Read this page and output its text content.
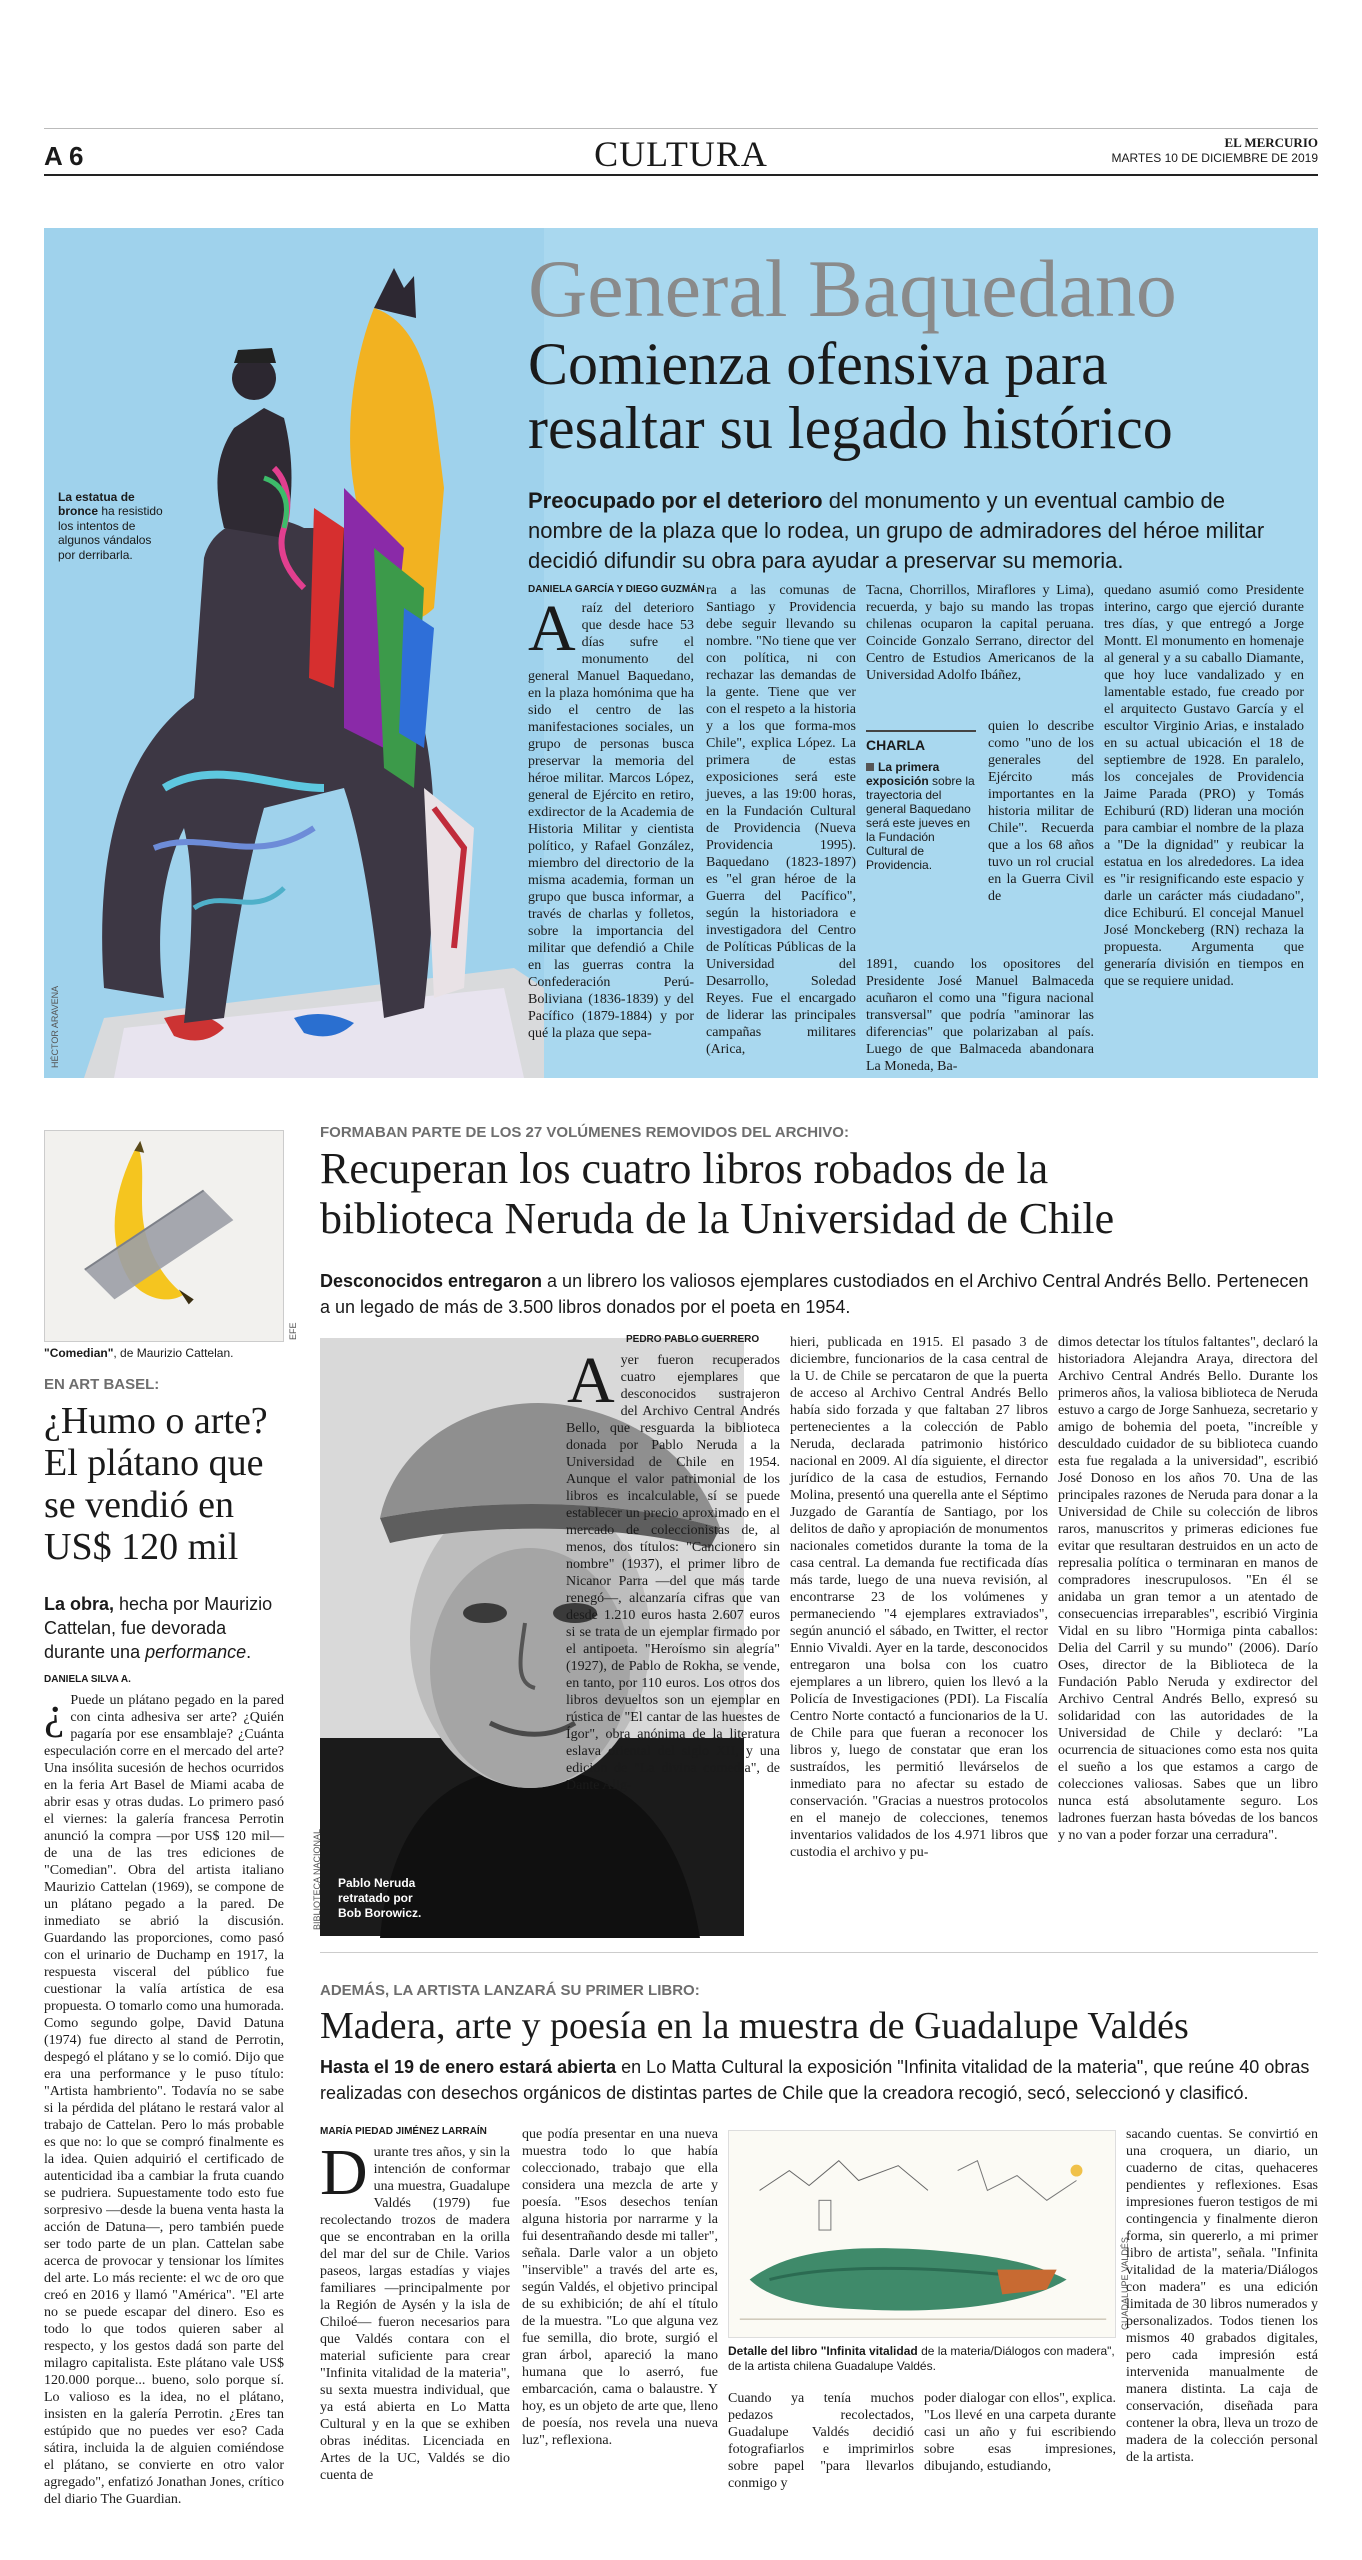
A 6	CULTURA	EL MERCURIO
MARTES 10 DE DICIEMBRE DE 2019
La estatua de bronce ha resistido los intentos de algunos vándalos por derribarla.
HÉCTOR ARAVENA
General Baquedano
Comienza ofensiva para
resaltar su legado histórico
Preocupado por el deterioro del monumento y un eventual cambio de nombre de la plaza que lo rodea, un grupo de admiradores del héroe militar decidió difundir su obra para ayudar a preservar su memoria.
DANIELA GARCÍA Y DIEGO GUZMÁN
Araíz del deterioro que desde hace 53 días sufre el monumento del general Manuel Baquedano, en la plaza homónima que ha sido el centro de las manifestaciones sociales, un grupo de personas busca preservar la memoria del héroe militar. Marcos López, general de Ejército en retiro, exdirector de la Academia de Historia Militar y cientista político, y Rafael González, miembro del directorio de la misma academia, forman un grupo que busca informar, a través de charlas y folletos, sobre la importancia del militar que defendió a Chile en las guerras contra la Confederación Perú-Boliviana (1836-1839) y del Pacífico (1879-1884) y por qué la plaza que sepa-
ra a las comunas de Santiago y Providencia debe seguir llevando su nombre. "No tiene que ver con política, ni con rechazar las demandas de la gente. Tiene que ver con el respeto a la historia y a los que forma-mos Chile", explica López. La primera de estas exposiciones será este jueves, a las 19:00 horas, en la Fundación Cultural de Providencia (Nueva Providencia 1995). Baquedano (1823-1897) es "el gran héroe de la Guerra del Pacífico", según la historiadora e investigadora del Centro de Políticas Públicas de la Universidad del Desarrollo, Soledad Reyes. Fue el encargado de liderar las principales campañas militares (Arica,
Tacna, Chorrillos, Miraflores y Lima), recuerda, y bajo su mando las tropas chilenas ocuparon la capital peruana. Coincide Gonzalo Serrano, director del Centro de Estudios Americanos de la Universidad Adolfo Ibáñez,
CHARLA
La primera exposición sobre la trayectoria del general Baquedano será este jueves en la Fundación Cultural de Providencia.
quien lo describe como "uno de los generales del Ejército más importantes en la historia militar de Chile". Recuerda que a los 68 años tuvo un rol crucial en la Guerra Civil de
1891, cuando los opositores del Presidente José Manuel Balmaceda acuñaron el como una "figura nacional transversal" que podría "aminorar las diferencias" que polarizaban al país. Luego de que Balmaceda abandonara La Moneda, Ba-
quedano asumió como Presidente interino, cargo que ejerció durante tres días, y que entregó a Jorge Montt. El monumento en homenaje al general y a su caballo Diamante, que hoy luce vandalizado y en lamentable estado, fue creado por el arquitecto Gustavo García y el escultor Virginio Arias, e instalado en su actual ubicación el 18 de septiembre de 1928. En paralelo, los concejales de Providencia Jaime Parada (PRO) y Tomás Echiburú (RD) lideran una moción para cambiar el nombre de la plaza a "De la dignidad" y reubicar la estatua en los alrededores. La idea es "ir resignificando este espacio y darle un carácter más ciudadano", dice Echiburú. El concejal Manuel José Monckeberg (RN) rechaza la propuesta. Argumenta que generaría división en tiempos en que se requiere unidad.
EFE
"Comedian", de Maurizio Cattelan.
EN ART BASEL:
¿Humo o arte? El plátano que se vendió en US$ 120 mil
La obra, hecha por Maurizio Cattelan, fue devorada durante una performance.
DANIELA SILVA A.
¿ Puede un plátano pegado en la pared con cinta adhesiva ser arte? ¿Quién pagaría por ese ensamblaje? ¿Cuánta especulación corre en el mercado del arte? Una insólita sucesión de hechos ocurridos en la feria Art Basel de Miami acaba de abrir esas y otras dudas. Lo primero pasó el viernes: la galería francesa Perrotin anunció la compra —por US$ 120 mil— de una de las tres ediciones de "Comedian". Obra del artista italiano Maurizio Cattelan (1969), se compone de un plátano pegado a la pared. De inmediato se abrió la discusión. Guardando las proporciones, como pasó con el urinario de Duchamp en 1917, la respuesta visceral del público fue cuestionar la valía artística de esa propuesta. O tomarlo como una humorada. Como segundo golpe, David Datuna (1974) fue directo al stand de Perrotin, despegó el plátano y se lo comió. Dijo que era una performance y le puso título: "Artista hambriento". Todavía no se sabe si la pérdida del plátano le restará valor al trabajo de Cattelan. Pero lo más probable es que no: lo que se compró finalmente es la idea. Quien adquirió el certificado de autenticidad iba a cambiar la fruta cuando se pudriera. Supuestamente todo esto fue sorpresivo —desde la buena venta hasta la acción de Datuna—, pero también puede ser todo parte de un plan. Cattelan sabe acerca de provocar y tensionar los límites del arte. Lo más reciente: el wc de oro que creó en 2016 y llamó "América". "El arte no se puede escapar del dinero. Eso es todo lo que todos quieren saber al respecto, y los gestos dadá son parte del milagro capitalista. Este plátano vale US$ 120.000 porque... bueno, solo porque sí. Lo valioso es la idea, no el plátano, insisten en la galería Perrotin. ¿Eres tan estúpido que no puedes ver eso? Cada sátira, incluida la de alguien comiéndose el plátano, se convierte en otro valor agregado", enfatizó Jonathan Jones, crítico del diario The Guardian.
FORMABAN PARTE DE LOS 27 VOLÚMENES REMOVIDOS DEL ARCHIVO:
Recuperan los cuatro libros robados de la
biblioteca Neruda de la Universidad de Chile
Desconocidos entregaron a un librero los valiosos ejemplares custodiados en el Archivo Central Andrés Bello. Pertenecen a un legado de más de 3.500 libros donados por el poeta en 1954.
BIBLIOTECA NACIONAL Pablo Neruda retratado por Bob Borowicz.
PEDRO PABLO GUERRERO
Ayer fueron recuperados cuatro ejemplares que desconocidos sustrajeron del Archivo Central Andrés Bello, que resguarda la biblioteca donada por Pablo Neruda a la Universidad de Chile en 1954. Aunque el valor patrimonial de los libros es incalculable, sí se puede establecer un precio aproximado en el mercado de coleccionistas de, al menos, dos títulos: "Cancionero sin nombre" (1937), el primer libro de Nicanor Parra —del que más tarde renegó—, alcanzaría cifras que van desde 1.210 euros hasta 2.607 euros si se trata de un ejemplar firmado por el antipoeta. "Heroísmo sin alegría" (1927), de Pablo de Rokha, se vende, en tanto, por 110 euros. Los otros dos libros devueltos son un ejemplar en rústica de "El cantar de las huestes de Ígor", obra anónima de la literatura eslava oriental del siglo XII, y una edición de "La divina comedia", de Dante Alig-
hieri, publicada en 1915. El pasado 3 de diciembre, funcionarios de la casa central de la U. de Chile se percataron de que la puerta de acceso al Archivo Central Andrés Bello había sido forzada y que faltaban 27 libros pertenecientes a la colección de Pablo Neruda, declarada patrimonio histórico nacional en 2009. Al día siguiente, el director jurídico de la casa de estudios, Fernando Molina, presentó una querella ante el Séptimo Juzgado de Garantía de Santiago, por los delitos de daño y apropiación de monumentos nacionales cometidos durante la toma de la casa central. La demanda fue rectificada días más tarde, luego de una nueva revisión, al encontrarse 23 de los volúmenes y permaneciendo "4 ejemplares extraviados", según anunció el sábado, en Twitter, el rector Ennio Vivaldi. Ayer en la tarde, desconocidos entregaron una bolsa con los cuatro ejemplares a un librero, quien los llevó a la Policía de Investigaciones (PDI). La Fiscalía Centro Norte contactó a funcionarios de la U. de Chile para que fueran a reconocer los libros y, luego de constatar que eran los sustraídos, les permitió llevárselos de inmediato para no afectar su estado de conservación. "Gracias a nuestros protocolos en el manejo de colecciones, tenemos inventarios validados de los 4.971 libros que custodia el archivo y pu-
dimos detectar los títulos faltantes", declaró la historiadora Alejandra Araya, directora del Archivo Central Andrés Bello. Durante los primeros años, la valiosa biblioteca de Neruda estuvo a cargo de Jorge Sanhueza, secretario y amigo de bohemia del poeta, "increíble y desculdado cuidador de su biblioteca cuando esta fue regalada a la universidad", escribió José Donoso en los años 70. Una de las principales razones de Neruda para donar a la Universidad de Chile su colección de libros raros, manuscritos y primeras ediciones fue evitar que resultaran destruidos en un acto de represalia política o terminaran en manos de compradores inescrupulosos. "En él se anidaba un gran temor a un atentado de consecuencias irreparables", escribió Virginia Vidal en su libro "Hormiga pinta caballos: Delia del Carril y su mundo" (2006). Darío Oses, director de la Biblioteca de la Fundación Pablo Neruda y exdirector del Archivo Central Andrés Bello, expresó su solidaridad con las autoridades de la Universidad de Chile y declaró: "La ocurrencia de situaciones como esta nos quita el sueño a los que estamos a cargo de colecciones valiosas. Sabes que un libro nunca está absolutamente seguro. Los ladrones fuerzan hasta bóvedas de los bancos y no van a poder forzar una cerradura".
ADEMÁS, LA ARTISTA LANZARÁ SU PRIMER LIBRO:
Madera, arte y poesía en la muestra de Guadalupe Valdés
Hasta el 19 de enero estará abierta en Lo Matta Cultural la exposición "Infinita vitalidad de la materia", que reúne 40 obras realizadas con desechos orgánicos de distintas partes de Chile que la creadora recogió, secó, seleccionó y clasificó.
MARÍA PIEDAD JIMÉNEZ LARRAÍN
Durante tres años, y sin la intención de conformar una muestra, Guadalupe Valdés (1979) fue recolectando trozos de madera que se encontraban en la orilla del mar del sur de Chile. Varios paseos, largas estadías y viajes familiares —principalmente por la Región de Aysén y la isla de Chiloé— fueron necesarios para que Valdés contara con el material suficiente para crear "Infinita vitalidad de la materia", su sexta muestra individual, que ya está abierta en Lo Matta Cultural y en la que se exhiben obras inéditas. Licenciada en Artes de la UC, Valdés se dio cuenta de
que podía presentar en una nueva muestra todo lo que había coleccionado, trabajo que ella considera una mezcla de arte y poesía. "Esos desechos tenían alguna historia por narrarme y la fui desentrañando desde mi taller", señala. Darle valor a un objeto "inservible" a través del arte es, según Valdés, el objetivo principal de su exhibición; de ahí el título de la muestra. "Lo que alguna vez fue semilla, dio brote, surgió el gran árbol, apareció la mano humana que lo aserró, fue embarcación, cama o balaustre. Y hoy, es un objeto de arte que, lleno de poesía, nos revela una nueva luz", reflexiona.
GUADALUPE VALDÉS
Detalle del libro "Infinita vitalidad de la materia/Diálogos con madera", de la artista chilena Guadalupe Valdés.
Cuando ya tenía muchos pedazos recolectados, Guadalupe Valdés decidió fotografiarlos e imprimirlos sobre papel "para llevarlos conmigo y
poder dialogar con ellos", explica. "Los llevé en una carpeta durante casi un año y fui escribiendo sobre esas impresiones, dibujando, estudiando,
sacando cuentas. Se convirtió en una croquera, un diario, un cuaderno de citas, quehaceres pendientes y reflexiones. Esas impresiones fueron testigos de mi contingencia y finalmente dieron forma, sin quererlo, a mi primer libro de artista", señala. "Infinita vitalidad de la materia/Diálogos con madera" es una edición limitada de 30 libros numerados y personalizados. Todos tienen los mismos 40 grabados digitales, pero cada impresión está intervenida manualmente de manera distinta. La caja de conservación, diseñada para contener la obra, lleva un trozo de madera de la colección personal de la artista.
